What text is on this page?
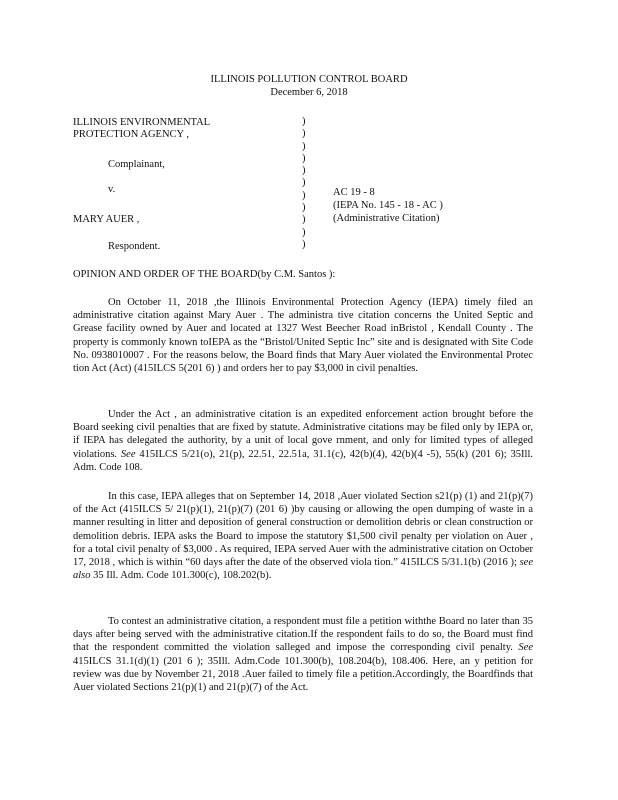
ILLINOIS POLLUTION CONTROL BOARD
December 6, 2018
ILLINOIS ENVIRONMENTAL
PROTECTION AGENCY ,
Complainant,
v.
MARY AUER ,
Respondent.
)
)
)
)
)
)
)
)
)
)
)
AC 19 - 8
(IEPA No. 145 - 18 - AC )
(Administrative Citation)
OPINION AND ORDER OF THE BOARD(by C.M. Santos ):
On October 11, 2018 ,the Illinois Environmental Protection Agency (IEPA) timely filed an administrative citation against Mary Auer . The administra tive citation concerns the United Septic and Grease facility owned by Auer and located at 1327 West Beecher Road inBristol , Kendall County . The property is commonly known toIEPA as the “Bristol/United Septic Inc” site and is designated with Site Code No. 0938010007 . For the reasons below, the Board finds that Mary Auer violated the Environmental Protec tion Act (Act) (415ILCS 5(201 6) ) and orders her to pay $3,000 in civil penalties.
Under the Act , an administrative citation is an expedited enforcement action brought before the Board seeking civil penalties that are fixed by statute. Administrative citations may be filed only by IEPA or, if IEPA has delegated the authority, by a unit of local gove rnment, and only for limited types of alleged violations. See 415ILCS 5/21(o), 21(p), 22.51, 22.51a, 31.1(c), 42(b)(4), 42(b)(4 -5), 55(k) (201 6); 35Ill. Adm. Code 108.
In this case, IEPA alleges that on September 14, 2018 ,Auer violated Section s21(p) (1) and 21(p)(7) of the Act (415ILCS 5/ 21(p)(1), 21(p)(7) (201 6) )by causing or allowing the open dumping of waste in a manner resulting in litter and deposition of general construction or demolition debris or clean construction or demolition debris. IEPA asks the Board to impose the statutory $1,500 civil penalty per violation on Auer , for a total civil penalty of $3,000 . As required, IEPA served Auer with the administrative citation on October 17, 2018 , which is within “60 days after the date of the observed viola tion.” 415ILCS 5/31.1(b) (2016 ); see also 35 Ill. Adm. Code 101.300(c), 108.202(b).
To contest an administrative citation, a respondent must file a petition withthe Board no later than 35 days after being served with the administrative citation.If the respondent fails to do so, the Board must find that the respondent committed the violation salleged and impose the corresponding civil penalty. See 415ILCS 31.1(d)(1) (201 6 ); 35Ill. Adm.Code 101.300(b), 108.204(b), 108.406. Here, an y petition for review was due by November 21, 2018 .Auer failed to timely file a petition.Accordingly, the Boardfinds that Auer violated Sections 21(p)(1) and 21(p)(7) of the Act.
